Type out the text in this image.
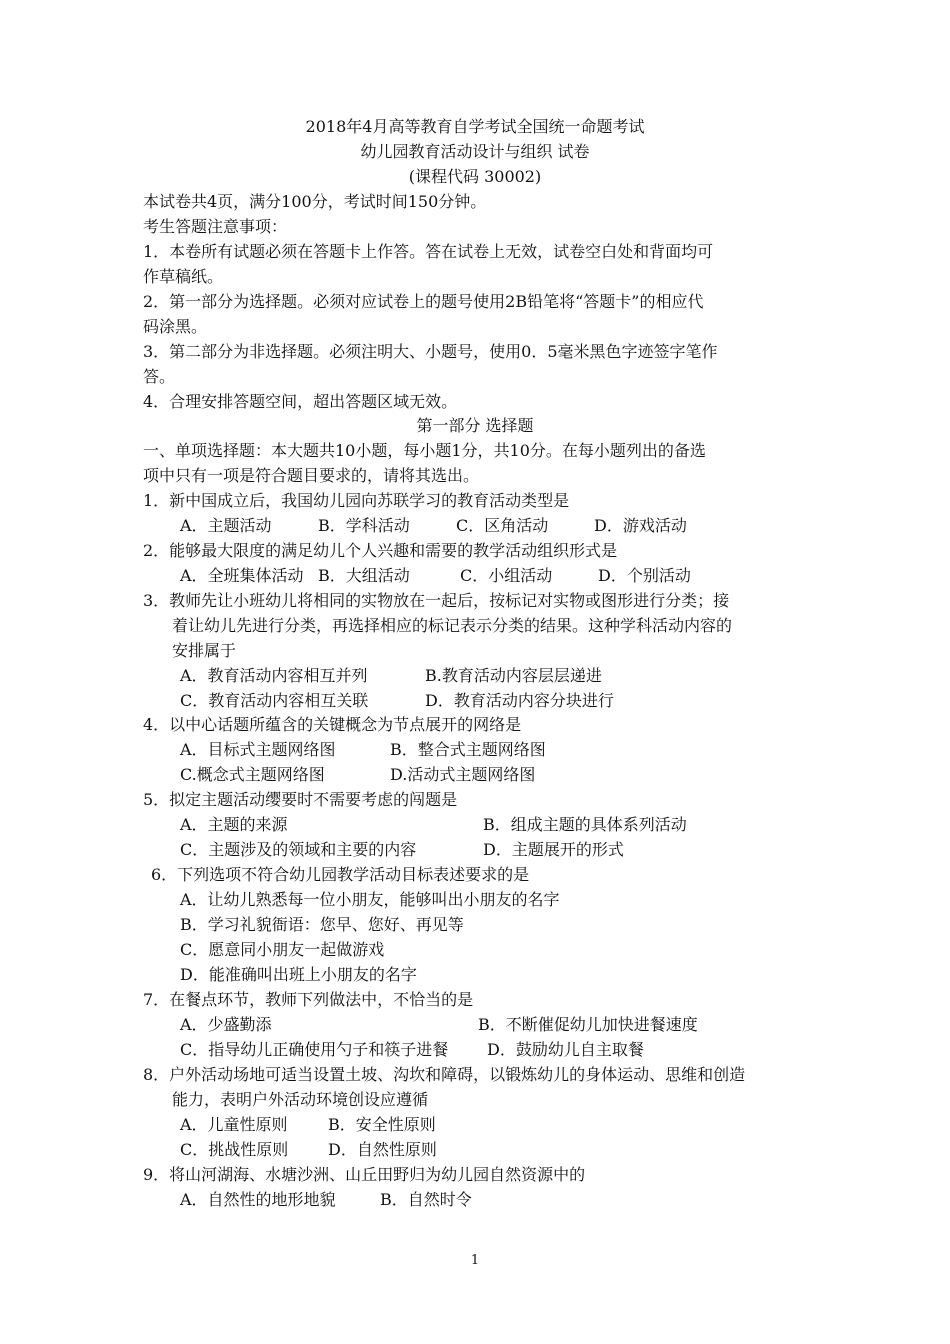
2018年4月高等教育自学考试全国统一命题考试
幼儿园教育活动设计与组织 试卷
(课程代码 30002)
本试卷共4页，满分100分，考试时间150分钟。
考生答题注意事项：
1．本卷所有试题必须在答题卡上作答。答在试卷上无效，试卷空白处和背面均可
作草稿纸。
2．第一部分为选择题。必须对应试卷上的题号使用2B铅笔将“答题卡”的相应代
码涂黑。
3．第二部分为非选择题。必须注明大、小题号，使用0．5毫米黑色字迹签字笔作
答。
4．合理安排答题空间，超出答题区域无效。
第一部分 选择题
一、单项选择题：本大题共10小题，每小题1分，共10分。在每小题列出的备选
项中只有一项是符合题目要求的，请将其选出。
1．新中国成立后，我国幼儿园向苏联学习的教育活动类型是
A．主题活动	B．学科活动	C．区角活动	D．游戏活动
2．能够最大限度的满足幼儿个人兴趣和需要的教学活动组织形式是
A．全班集体活动 B．大组活动	C．小组活动	D．个别活动
3．教师先让小班幼儿将相同的实物放在一起后，按标记对实物或图形进行分类；接
着让幼儿先进行分类，再选择相应的标记表示分类的结果。这种学科活动内容的
安排属于
A．教育活动内容相互并列	B.教育活动内容层层递进
C．教育活动内容相互关联	D．教育活动内容分块进行
4．以中心话题所蕴含的关键概念为节点展开的网络是
A．目标式主题网络图	B．整合式主题网络图
C.概念式主题网络图	D.活动式主题网络图
5．拟定主题活动缨要时不需要考虑的闯题是
A．主题的来源	B．组成主题的具体系列活动
C．主题涉及的领域和主要的内容	D．主题展开的形式
6．下列选项不符合幼儿园教学活动目标表述要求的是
A．让幼儿熟悉每一位小朋友，能够叫出小朋友的名字
B．学习礼貌衙语：您早、您好、再见等
C．愿意同小朋友一起做游戏
D．能准确叫出班上小朋友的名字
7．在餐点环节，教师下列做法中，不恰当的是
A．少盛勤添	B．不断催促幼儿加快进餐速度
C．指导幼儿正确使用勺子和筷子进餐 D．鼓励幼儿自主取餐
8．户外活动场地可适当设置土坡、沟坎和障碍，以锻炼幼儿的身体运动、思维和创造
能力，表明户外活动环境创设应遵循
A．儿童性原则	B．安全性原则
C．挑战性原则 D．自然性原则
9．将山河湖海、水塘沙洲、山丘田野归为幼儿园自然资源中的
A．自然性的地形地貌	B．自然时令
1
